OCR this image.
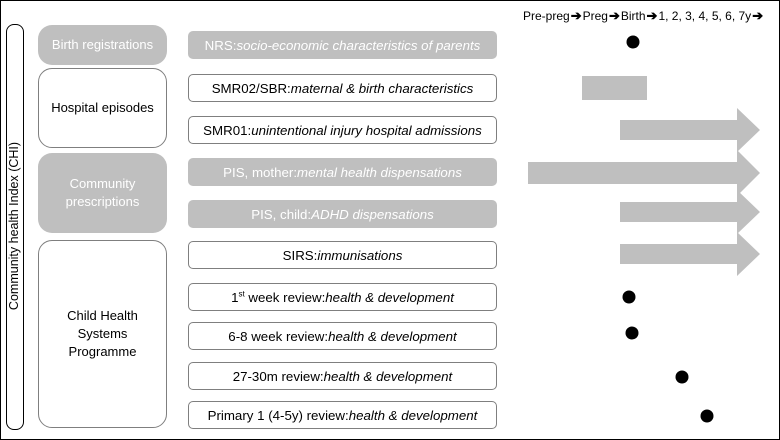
Community health Index (CHI)
Pre-preg ➔ Preg ➔ Birth ➔ 1, 2, 3, 4, 5, 6, 7y ➔
Birth registrations
Hospital episodes
Community prescriptions
Child Health Systems Programme
NRS: socio-economic characteristics of parents
SMR02/SBR: maternal & birth characteristics
SMR01: unintentional injury hospital admissions
PIS, mother: mental health dispensations
PIS, child: ADHD dispensations
SIRS: immunisations
1st week review: health & development
6-8 week review: health & development
27-30m review: health & development
Primary 1 (4-5y) review: health & development
